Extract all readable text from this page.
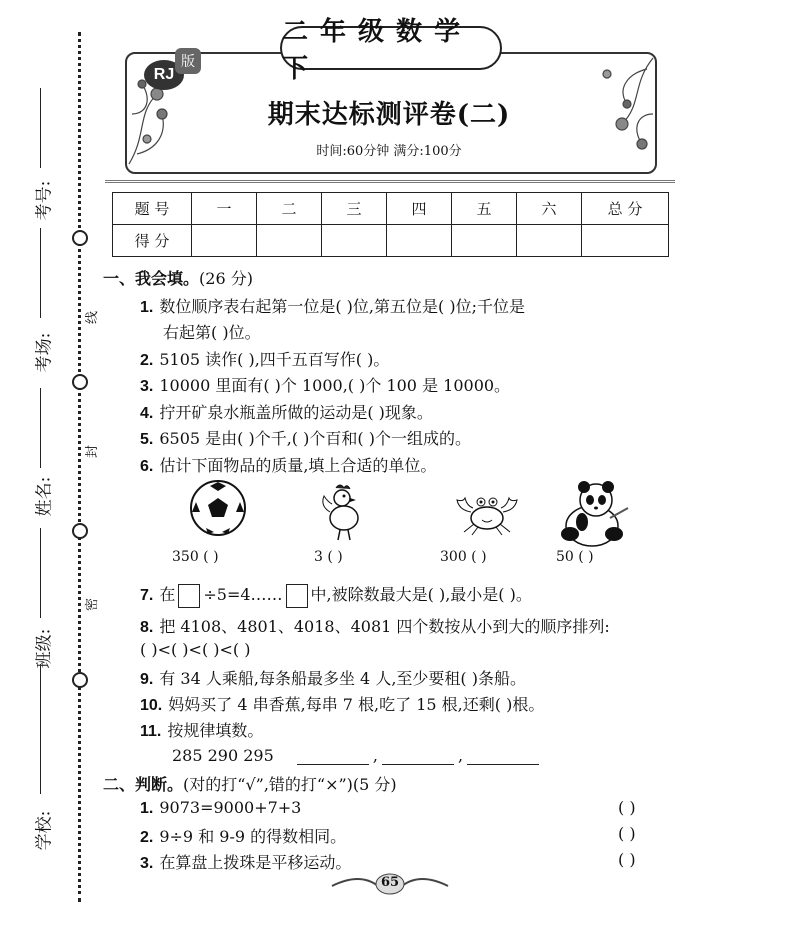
考号:
考场:
姓名:
班级:
学校:
线
封
密
二年级数学下
RJ
版
期末达标测评卷(二)
时间:60分钟 满分:100分
题 号	一	二	三	四	五	六	总 分
得 分							
一、我会填。(26 分)
1. 数位顺序表右起第一位是( )位,第五位是( )位;千位是
右起第( )位。
2. 5105 读作( ),四千五百写作( )。
3. 10000 里面有( )个 1000,( )个 100 是 10000。
4. 拧开矿泉水瓶盖所做的运动是( )现象。
5. 6505 是由( )个千,( )个百和( )个一组成的。
6. 估计下面物品的质量,填上合适的单位。
350 ( )	3 ( )	300 ( )	50 ( )
7. 在 ÷5=4…… 中,被除数最大是( ),最小是( )。
8. 把 4108、4801、4018、4081 四个数按从小到大的顺序排列:
( )<( )<( )<( )
9. 有 34 人乘船,每条船最多坐 4 人,至少要租( )条船。
10. 妈妈买了 4 串香蕉,每串 7 根,吃了 15 根,还剩( )根。
11. 按规律填数。
285 290 295	,	,
二、判断。(对的打“√”,错的打“×”)(5 分)
1. 9073=9000+7+3	( )
2. 9÷9 和 9-9 的得数相同。	( )
3. 在算盘上拨珠是平移运动。	( )
65
